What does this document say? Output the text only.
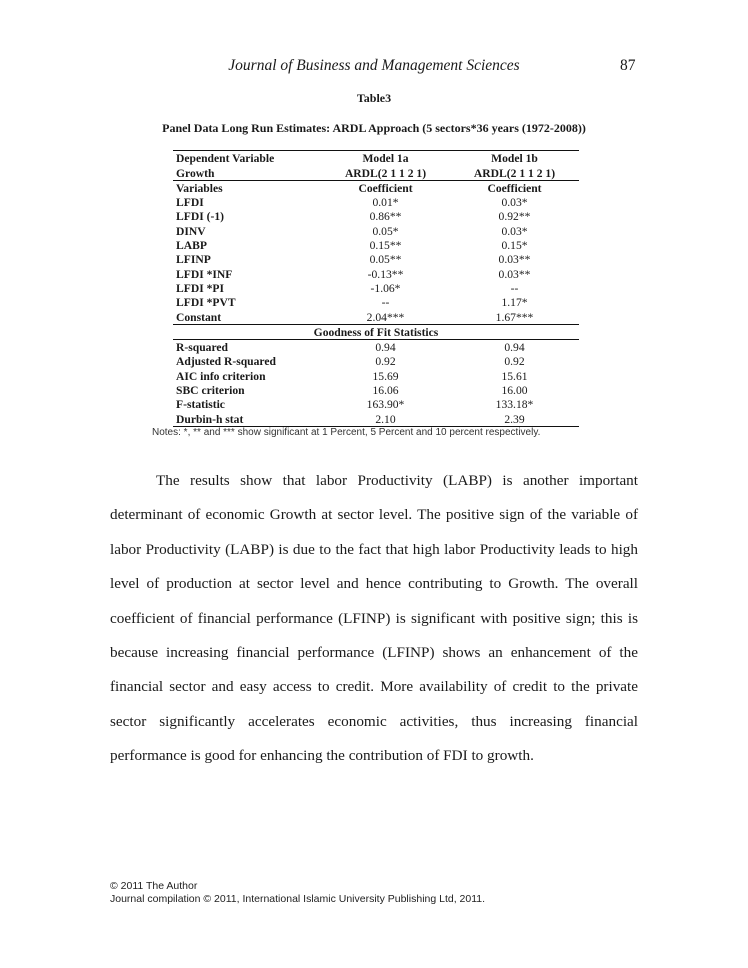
Journal of Business and Management Sciences	87
Table3
Panel Data Long Run Estimates: ARDL Approach (5 sectors*36 years (1972-2008))
Dependent Variable	Model 1a	Model 1b
Growth	ARDL(2 1 1 2 1)	ARDL(2 1 1 2 1)
Variables	Coefficient	Coefficient
LFDI	0.01*	0.03*
LFDI (-1)	0.86**	0.92**
DINV	0.05*	0.03*
LABP	0.15**	0.15*
LFINP	0.05**	0.03**
LFDI *INF	-0.13**	0.03**
LFDI *PI	-1.06*	--
LFDI *PVT	--	1.17*
Constant	2.04***	1.67***
Goodness of Fit Statistics		
R-squared	0.94	0.94
Adjusted R-squared	0.92	0.92
AIC info criterion	15.69	15.61
SBC criterion	16.06	16.00
F-statistic	163.90*	133.18*
Durbin-h stat	2.10	2.39
Notes: *, ** and *** show significant at 1 Percent, 5 Percent and 10 percent respectively.

The results show that labor Productivity (LABP) is another important determinant of economic Growth at sector level. The positive sign of the variable of labor Productivity (LABP) is due to the fact that high labor Productivity leads to high level of production at sector level and hence contributing to Growth. The overall coefficient of financial performance (LFINP) is significant with positive sign; this is because increasing financial performance (LFINP) shows an enhancement of the financial sector and easy access to credit. More availability of credit to the private sector significantly accelerates economic activities, thus increasing financial performance is good for enhancing the contribution of FDI to growth.

© 2011 The Author
Journal compilation © 2011, International Islamic University Publishing Ltd, 2011.
